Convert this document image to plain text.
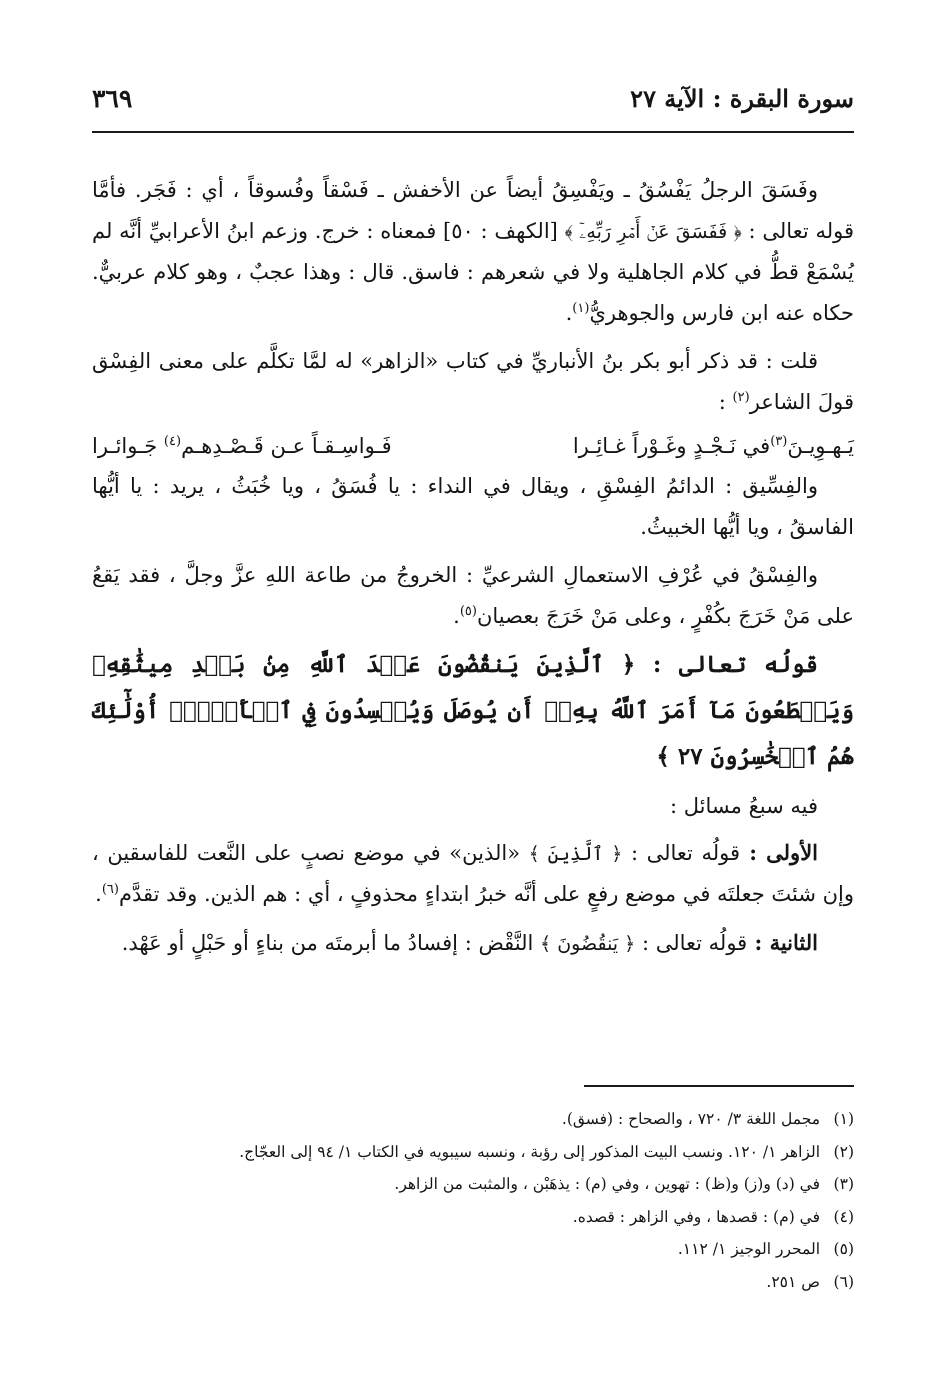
سورة البقرة : الآية ٢٧
٣٦٩

وفَسَقَ الرجلُ يَفْسُقُ ـ ويَفْسِقُ أيضاً عن الأخفش ـ فَسْقاً وفُسوقاً ، أي : فَجَر. فأمَّا قوله تعالى : ﴿ فَفَسَقَ عَنۡ أَمۡرِ رَبِّهِۦٓ ﴾ [الكهف : ٥٠] فمعناه : خرج. وزعم ابنُ الأعرابيِّ أنَّه لم يُسْمَعْ قطُّ في كلام الجاهلية ولا في شعرهم : فاسق. قال : وهذا عجبٌ ، وهو كلام عربيٌّ. حكاه عنه ابن فارس والجوهريُّ$^{(١)}$.

قلت : قد ذكر أبو بكر بنُ الأنباريِّ في كتاب «الزاهر» له لمَّا تكلَّم على معنى الفِسْق قولَ الشاعر$^{(٢)}$ :

يَـهـوِيـنَ$^{(٣)}$في نَـجْـدٍ وغَـوْراً غـائِـرا
فَـواسِـقـاً عـن قَـصْـدِهـم$^{(٤)}$ جَـوائـرا

والفِسِّيق : الدائمُ الفِسْقِ ، ويقال في النداء : يا فُسَقُ ، ويا خُبَثُ ، يريد : يا أيُّها الفاسقُ ، ويا أيُّها الخبيثُ.

والفِسْقُ في عُرْفِ الاستعمالِ الشرعيِّ : الخروجُ من طاعة اللهِ عزَّ وجلَّ ، فقد يَقعُ على مَنْ خَرَجَ بكُفْرٍ ، وعلى مَنْ خَرَجَ بعصيان$^{(٥)}$.

قولُه تعالى : ﴿ ٱلَّذِينَ يَنقُضُونَ عَهۡدَ ٱللَّهِ مِنۢ بَعۡدِ مِيثَٰقِهِۦ وَيَقۡطَعُونَ مَآ أَمَرَ ٱللَّهُ بِهِۦٓ أَن يُوصَلَ وَيُفۡسِدُونَ فِي ٱلۡأَرۡضِۚ أُوْلَٰٓئِكَ هُمُ ٱلۡخَٰسِرُونَ ٢٧ ﴾

فيه سبعُ مسائل :

الأولى : قولُه تعالى : ﴿ ٱلَّذِينَ ﴾ «الذين» في موضع نصبٍ على النَّعت للفاسقين ، وإن شئتَ جعلتَه في موضع رفعٍ على أنَّه خبرُ ابتداءٍ محذوفٍ ، أي : هم الذين. وقد تقدَّم$^{(٦)}$.

الثانية : قولُه تعالى : ﴿ يَنقُضُونَ ﴾ النَّقْض : إفسادُ ما أبرمتَه من بناءٍ أو حَبْلٍ أو عَهْد.

(١)مجمل اللغة ٣/ ٧٢٠ ، والصحاح : (فسق).
(٢)الزاهر ١/ ١٢٠. ونسب البيت المذكور إلى رؤبة ، ونسبه سيبويه في الكتاب ١/ ٩٤ إلى العجّاج.
(٣)في (د) و(ز) و(ظ) : تهوين ، وفي (م) : يذهَبْن ، والمثبت من الزاهر.
(٤)في (م) : قصدها ، وفي الزاهر : قصده.
(٥)المحرر الوجيز ١/ ١١٢.
(٦)ص ٢٥١.
